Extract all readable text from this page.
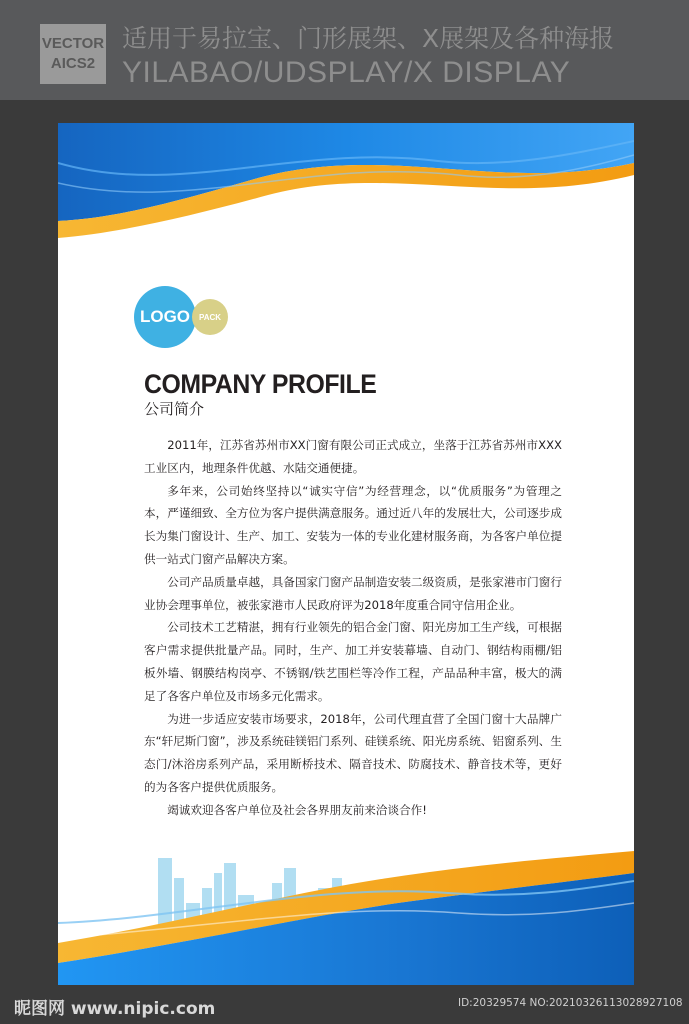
VECTOR
AICS2
适用于易拉宝、门形展架、X展架及各种海报
YILABAO/UDSPLAY/X DISPLAY
LOGO PACK
COMPANY PROFILE
公司简介

2011年，江苏省苏州市XX门窗有限公司正式成立，坐落于江苏省苏州市XXX工业区内，地理条件优越、水陆交通便捷。

多年来，公司始终坚持以“诚实守信”为经营理念，以“优质服务”为管理之本，严谨细致、全方位为客户提供满意服务。通过近八年的发展壮大，公司逐步成长为集门窗设计、生产、加工、安装为一体的专业化建材服务商，为各客户单位提供一站式门窗产品解决方案。

公司产品质量卓越，具备国家门窗产品制造安装二级资质，是张家港市门窗行业协会理事单位，被张家港市人民政府评为2018年度重合同守信用企业。

公司技术工艺精湛，拥有行业领先的铝合金门窗、阳光房加工生产线，可根据客户需求提供批量产品。同时，生产、加工并安装幕墙、自动门、钢结构雨棚/铝板外墙、钢膜结构岗亭、不锈钢/铁艺围栏等冷作工程，产品品种丰富，极大的满足了各客户单位及市场多元化需求。

为进一步适应安装市场要求，2018年，公司代理直营了全国门窗十大品牌广东“轩尼斯门窗”，涉及系统硅镁铝门系列、硅镁系统、阳光房系统、铝窗系列、生态门/沐浴房系列产品，采用断桥技术、隔音技术、防腐技术、静音技术等，更好的为各客户提供优质服务。

竭诚欢迎各客户单位及社会各界朋友前来洽谈合作!

昵图网 www.nipic.com	ID:20329574 NO:20210326113028927108
